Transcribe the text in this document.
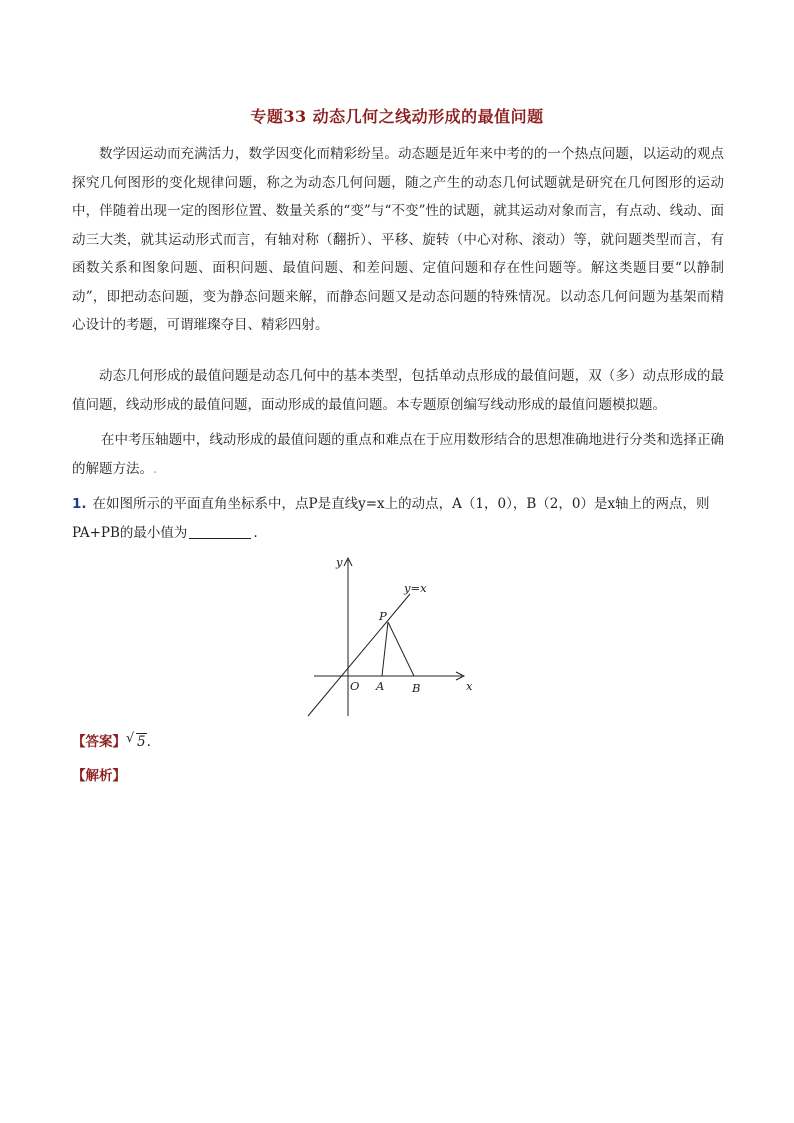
专题33 动态几何之线动形成的最值问题
数学因运动而充满活力，数学因变化而精彩纷呈。动态题是近年来中考的的一个热点问题，以运动的观点探究几何图形的变化规律问题，称之为动态几何问题，随之产生的动态几何试题就是研究在几何图形的运动中，伴随着出现一定的图形位置、数量关系的“变”与“不变”性的试题，就其运动对象而言，有点动、线动、面动三大类，就其运动形式而言，有轴对称（翻折）、平移、旋转（中心对称、滚动）等，就问题类型而言，有函数关系和图象问题、面积问题、最值问题、和差问题、定值问题和存在性问题等。解这类题目要“以静制动”，即把动态问题，变为静态问题来解，而静态问题又是动态问题的特殊情况。以动态几何问题为基架而精心设计的考题，可谓璀璨夺目、精彩四射。
动态几何形成的最值问题是动态几何中的基本类型，包括单动点形成的最值问题，双（多）动点形成的最值问题，线动形成的最值问题，面动形成的最值问题。本专题原创编写线动形成的最值问题模拟题。
在中考压轴题中，线动形成的最值问题的重点和难点在于应用数形结合的思想准确地进行分类和选择正确的解题方法。.
1. 在如图所示的平面直角坐标系中，点P是直线y=x上的动点，A（1，0），B（2，0）是x轴上的两点，则PA+PB的最小值为	.
y
x
y=x
P
A B
O
【答案】 √ 5.
【解析】
